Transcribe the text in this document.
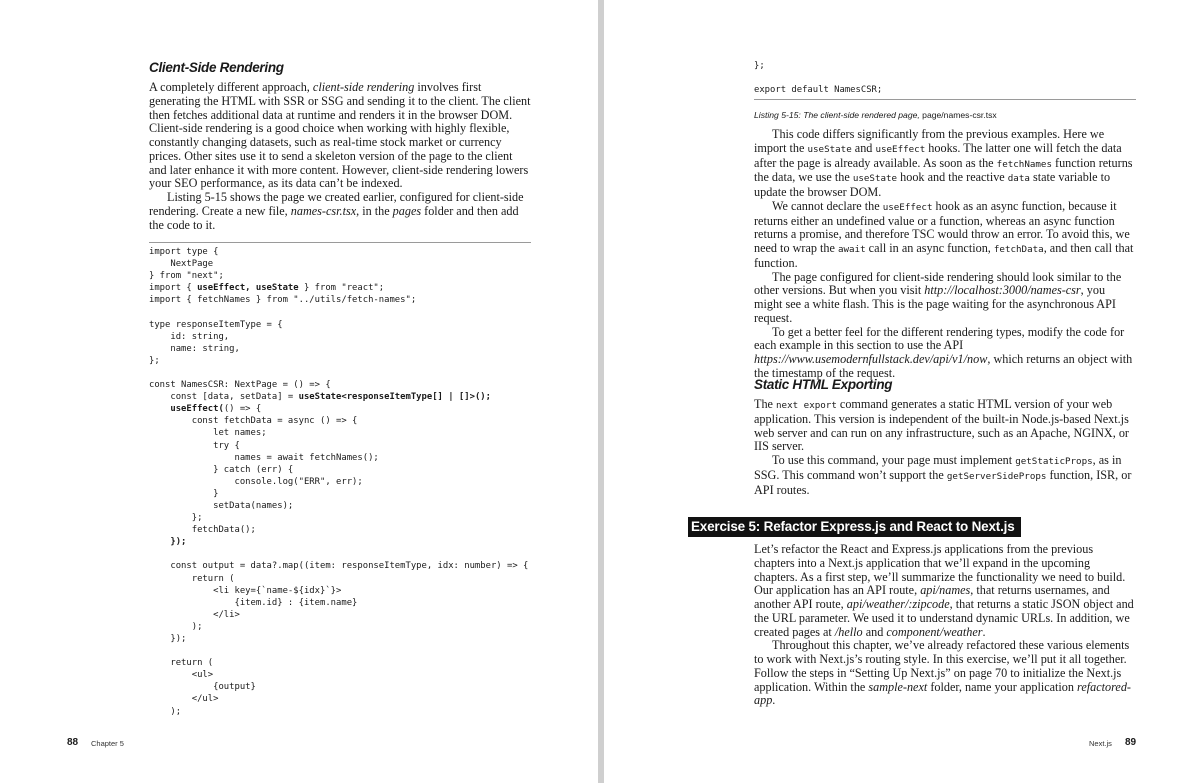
Client-Side Rendering

A completely different approach, client-side rendering involves first generating the HTML with SSR or SSG and sending it to the client. The client then fetches additional data at runtime and renders it in the browser DOM. Client-side rendering is a good choice when working with highly flexible, constantly changing datasets, such as real-time stock market or currency prices. Other sites use it to send a skeleton version of the page to the client and later enhance it with more content. However, client-side rendering lowers your SEO performance, as its data can’t be indexed.

Listing 5-15 shows the page we created earlier, configured for client-side rendering. Create a new file, names-csr.tsx, in the pages folder and then add the code to it.

import type {
NextPage
} from "next";
import { useEffect, useState } from "react";
import { fetchNames } from "../utils/fetch-names";

type responseItemType = {
id: string,
name: string,
};

const NamesCSR: NextPage = () => {
const [data, setData] = useState<responseItemType[] | []>();
useEffect(() => {
const fetchData = async () => {
let names;
try {
names = await fetchNames();
} catch (err) {
console.log("ERR", err);
}
setData(names);
};
fetchData();
});

const output = data?.map((item: responseItemType, idx: number) => {
return (
<li key={`name-${idx}`}>
{item.id} : {item.name}
</li>
);
});

return (
<ul>
{output}
</ul>
);
88 Chapter 5
};

export default NamesCSR;
Listing 5-15: The client-side rendered page, page/names-csr.tsx

This code differs significantly from the previous examples. Here we import the useState and useEffect hooks. The latter one will fetch the data after the page is already available. As soon as the fetchNames function returns the data, we use the useState hook and the reactive data state variable to update the browser DOM.

We cannot declare the useEffect hook as an async function, because it returns either an undefined value or a function, whereas an async function returns a promise, and therefore TSC would throw an error. To avoid this, we need to wrap the await call in an async function, fetchData, and then call that function.

The page configured for client-side rendering should look similar to the other versions. But when you visit http://localhost:3000/names-csr, you might see a white flash. This is the page waiting for the asynchronous API request.

To get a better feel for the different rendering types, modify the code for each example in this section to use the API https://www.usemodernfullstack.dev/api/v1/now, which returns an object with the timestamp of the request.

Static HTML Exporting

The next export command generates a static HTML version of your web application. This version is independent of the built-in Node.js-based Next.js web server and can run on any infrastructure, such as an Apache, NGINX, or IIS server.

To use this command, your page must implement getStaticProps, as in SSG. This command won’t support the getServerSideProps function, ISR, or API routes.

Exercise 5: Refactor Express.js and React to Next.js

Let’s refactor the React and Express.js applications from the previous chapters into a Next.js application that we’ll expand in the upcoming chapters. As a first step, we’ll summarize the functionality we need to build. Our application has an API route, api/names, that returns usernames, and another API route, api/weather/:zipcode, that returns a static JSON object and the URL parameter. We used it to understand dynamic URLs. In addition, we created pages at /hello and component/weather.

Throughout this chapter, we’ve already refactored these various elements to work with Next.js’s routing style. In this exercise, we’ll put it all together. Follow the steps in “Setting Up Next.js” on page 70 to initialize the Next.js application. Within the sample-next folder, name your application refactored-app.

Next.js 89
